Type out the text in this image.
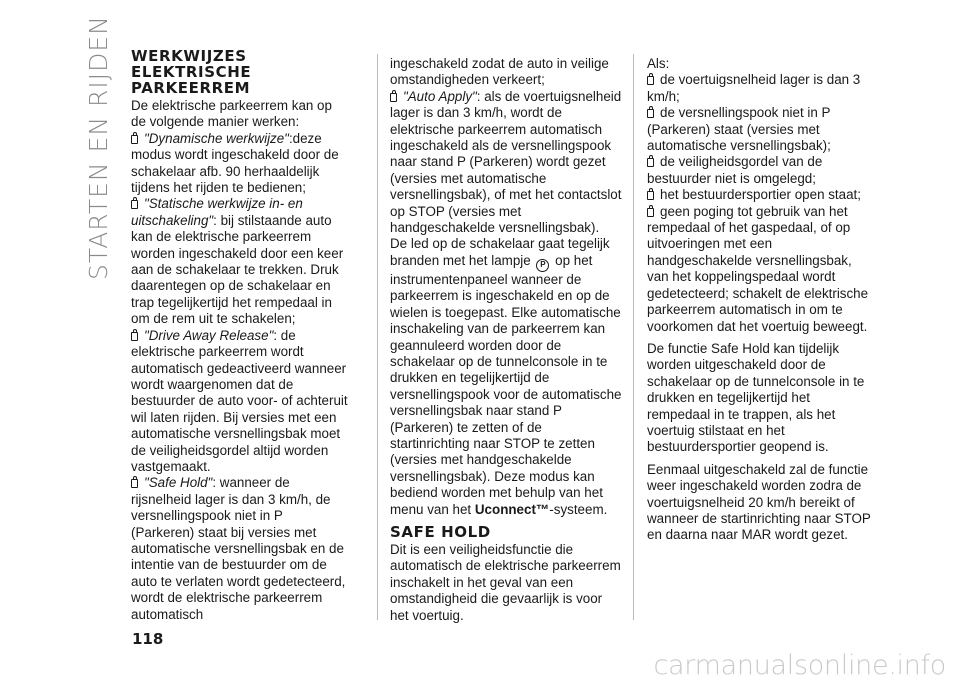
STARTEN EN RIJDEN WERKWIJZES ELEKTRISCHE PARKEERREM

De elektrische parkeerrem kan op de volgende manier werken:

"Dynamische werkwijze":deze modus wordt ingeschakeld door de schakelaar afb. 90 herhaaldelijk tijdens het rijden te bedienen;

"Statische werkwijze in- en uitschakeling": bij stilstaande auto kan de elektrische parkeerrem worden ingeschakeld door een keer aan de schakelaar te trekken. Druk daarentegen op de schakelaar en trap tegelijkertijd het rempedaal in om de rem uit te schakelen;

"Drive Away Release": de elektrische parkeerrem wordt automatisch gedeactiveerd wanneer wordt waargenomen dat de bestuurder de auto voor- of achteruit wil laten rijden. Bij versies met een automatische versnellingsbak moet de veiligheidsgordel altijd worden vastgemaakt.

"Safe Hold": wanneer de rijsnelheid lager is dan 3 km/h, de versnellingspook niet in P (Parkeren) staat bij versies met automatische versnellingsbak en de intentie van de bestuurder om de auto te verlaten wordt gedetecteerd, wordt de elektrische parkeerrem automatisch

ingeschakeld zodat de auto in veilige omstandigheden verkeert;

"Auto Apply": als de voertuigsnelheid lager is dan 3 km/h, wordt de elektrische parkeerrem automatisch ingeschakeld als de versnellingspook naar stand P (Parkeren) wordt gezet (versies met automatische versnellingsbak), of met het contactslot op STOP (versies met handgeschakelde versnellingsbak).

De led op de schakelaar gaat tegelijk branden met het lampje P op het instrumentenpaneel wanneer de parkeerrem is ingeschakeld en op de wielen is toegepast. Elke automatische inschakeling van de parkeerrem kan geannuleerd worden door de schakelaar op de tunnelconsole in te drukken en tegelijkertijd de versnellingspook voor de automatische versnellingsbak naar stand P (Parkeren) te zetten of de startinrichting naar STOP te zetten (versies met handgeschakelde versnellingsbak). Deze modus kan bediend worden met behulp van het menu van het Uconnect™-systeem.

SAFE HOLD

Dit is een veiligheidsfunctie die automatisch de elektrische parkeerrem inschakelt in het geval van een omstandigheid die gevaarlijk is voor het voertuig.

Als:

de voertuigsnelheid lager is dan 3 km/h;

de versnellingspook niet in P (Parkeren) staat (versies met automatische versnellingsbak);

de veiligheidsgordel van de bestuurder niet is omgelegd;

het bestuurdersportier open staat;

geen poging tot gebruik van het rempedaal of het gaspedaal, of op uitvoeringen met een handgeschakelde versnellingsbak, van het koppelingspedaal wordt gedetecteerd; schakelt de elektrische parkeerrem automatisch in om te voorkomen dat het voertuig beweegt.

De functie Safe Hold kan tijdelijk worden uitgeschakeld door de schakelaar op de tunnelconsole in te drukken en tegelijkertijd het rempedaal in te trappen, als het voertuig stilstaat en het bestuurdersportier geopend is.

Eenmaal uitgeschakeld zal de functie weer ingeschakeld worden zodra de voertuigsnelheid 20 km/h bereikt of wanneer de startinrichting naar STOP en daarna naar MAR wordt gezet.

118
carmanualsonline.info
